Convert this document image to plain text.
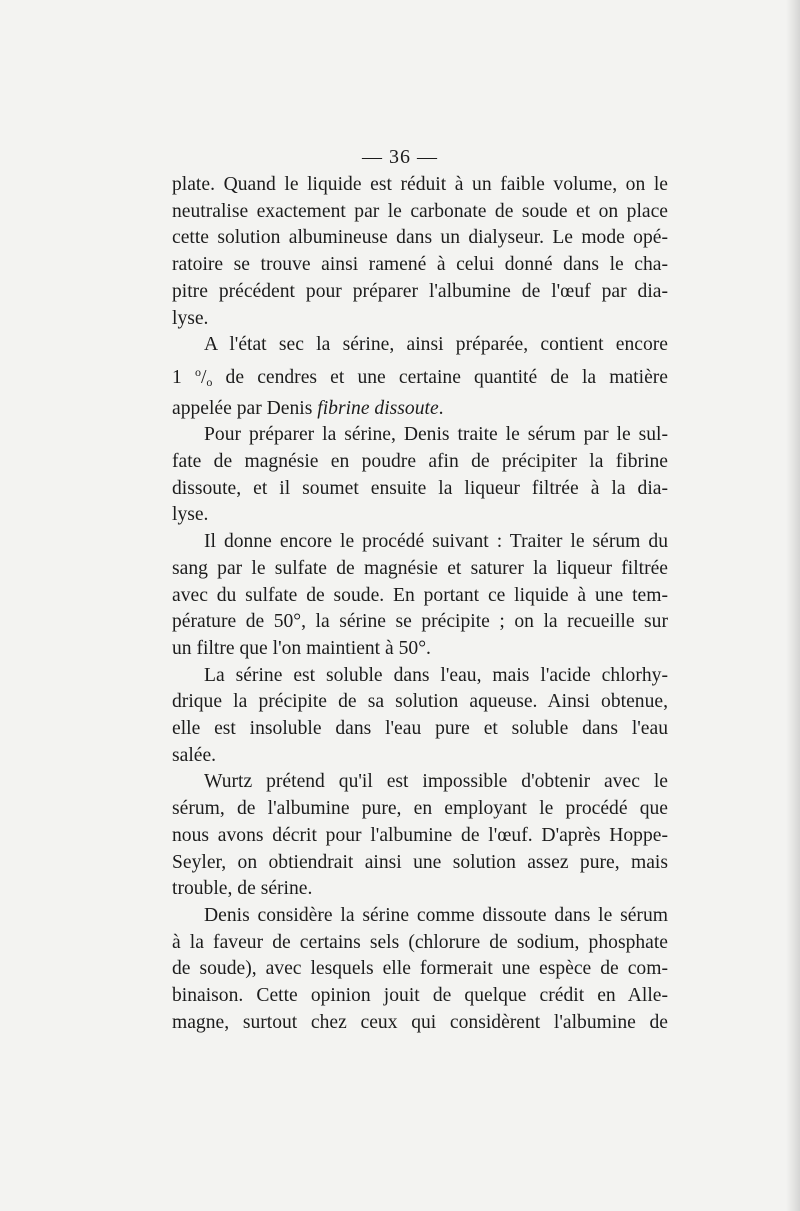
— 36 —

plate. Quand le liquide est réduit à un faible volume, on le
neutralise exactement par le carbonate de soude et on place
cette solution albumineuse dans un dialyseur. Le mode opé-
ratoire se trouve ainsi ramené à celui donné dans le cha-
pitre précédent pour préparer l'albumine de l'œuf par dia-
lyse.

A l'état sec la sérine, ainsi préparée, contient encore
1 $^o/_o$ de cendres et une certaine quantité de la matière
appelée par Denis fibrine dissoute.

Pour préparer la sérine, Denis traite le sérum par le sul-
fate de magnésie en poudre afin de précipiter la fibrine
dissoute, et il soumet ensuite la liqueur filtrée à la dia-
lyse.

Il donne encore le procédé suivant : Traiter le sérum du
sang par le sulfate de magnésie et saturer la liqueur filtrée
avec du sulfate de soude. En portant ce liquide à une tem-
pérature de 50°, la sérine se précipite ; on la recueille sur
un filtre que l'on maintient à 50°.

La sérine est soluble dans l'eau, mais l'acide chlorhy-
drique la précipite de sa solution aqueuse. Ainsi obtenue,
elle est insoluble dans l'eau pure et soluble dans l'eau
salée.

Wurtz prétend qu'il est impossible d'obtenir avec le
sérum, de l'albumine pure, en employant le procédé que
nous avons décrit pour l'albumine de l'œuf. D'après Hoppe-
Seyler, on obtiendrait ainsi une solution assez pure, mais
trouble, de sérine.

Denis considère la sérine comme dissoute dans le sérum
à la faveur de certains sels (chlorure de sodium, phosphate
de soude), avec lesquels elle formerait une espèce de com-
binaison. Cette opinion jouit de quelque crédit en Alle-
magne, surtout chez ceux qui considèrent l'albumine de
